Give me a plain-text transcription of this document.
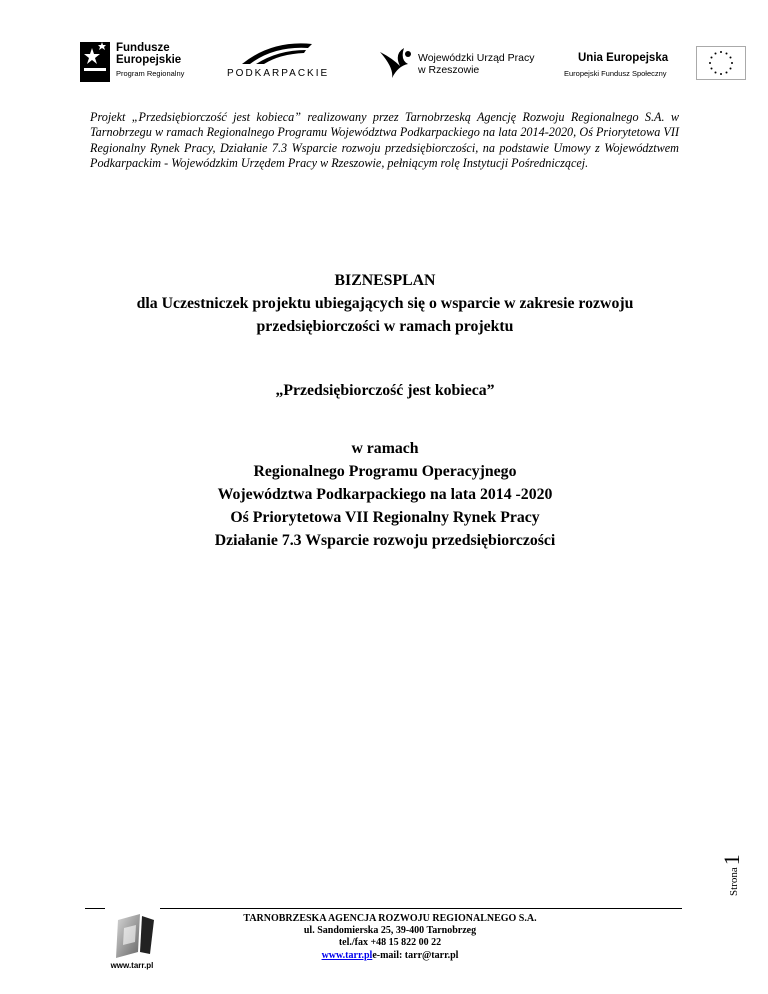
Fundusze
Europejskie
Program Regionalny	PODKARPACKIE
Wojewódzki Urząd Pracy
w Rzeszowie
Unia Europejska
Europejski Fundusz Społeczny
Projekt „Przedsiębiorczość jest kobieca” realizowany przez Tarnobrzeską Agencję Rozwoju Regionalnego S.A. w Tarnobrzegu w ramach Regionalnego Programu Województwa Podkarpackiego na lata 2014-2020, Oś Priorytetowa VII Regionalny Rynek Pracy, Działanie 7.3 Wsparcie rozwoju przedsiębiorczości, na podstawie Umowy z Województwem Podkarpackim - Wojewódzkim Urzędem Pracy w Rzeszowie, pełniącym rolę Instytucji Pośredniczącej.
BIZNESPLAN
dla Uczestniczek projektu ubiegających się o wsparcie w zakresie rozwoju
przedsiębiorczości w ramach projektu
„Przedsiębiorczość jest kobieca”
w ramach
Regionalnego Programu Operacyjnego
Województwa Podkarpackiego na lata 2014 -2020
Oś Priorytetowa VII Regionalny Rynek Pracy
Działanie 7.3 Wsparcie rozwoju przedsiębiorczości
Strona1
www.tarr.pl
TARNOBRZESKA AGENCJA ROZWOJU REGIONALNEGO S.A.
ul. Sandomierska 25, 39-400 Tarnobrzeg
tel./fax +48 15 822 00 22
www.tarr.ple-mail: tarr@tarr.pl
